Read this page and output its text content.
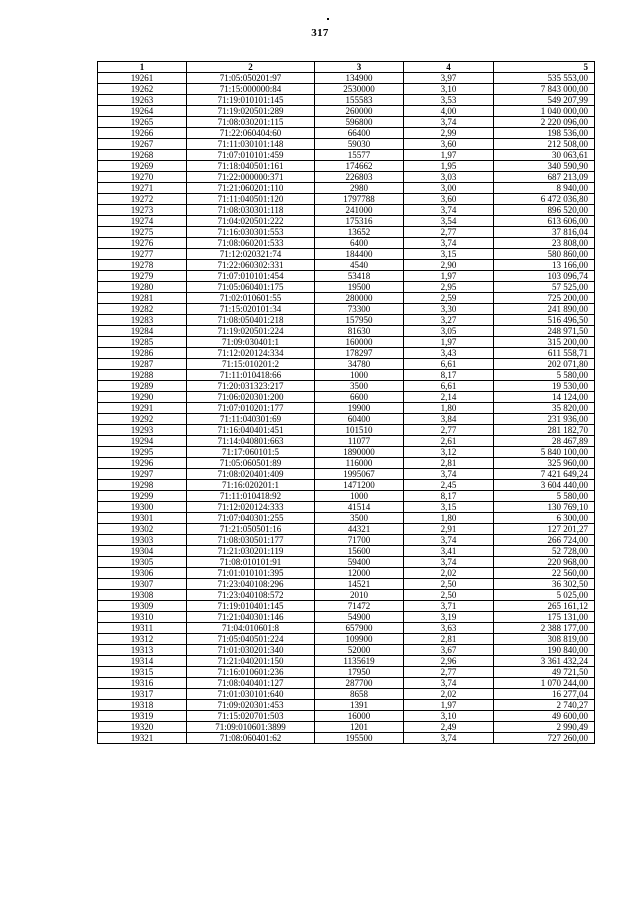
317
1	2	3	4	5
19261	71:05:050201:97	134900	3,97	535 553,00
19262	71:15:000000:84	2530000	3,10	7 843 000,00
19263	71:19:010101:145	155583	3,53	549 207,99
19264	71:19:020501:289	260000	4,00	1 040 000,00
19265	71:08:030201:115	596800	3,74	2 220 096,00
19266	71:22:060404:60	66400	2,99	198 536,00
19267	71:11:030101:148	59030	3,60	212 508,00
19268	71:07:010101:459	15577	1,97	30 063,61
19269	71:18:040501:161	174662	1,95	340 590,90
19270	71:22:000000:371	226803	3,03	687 213,09
19271	71:21:060201:110	2980	3,00	8 940,00
19272	71:11:040501:120	1797788	3,60	6 472 036,80
19273	71:08:030301:118	241000	3,74	896 520,00
19274	71:04:020501:222	175316	3,54	613 606,00
19275	71:16:030301:553	13652	2,77	37 816,04
19276	71:08:060201:533	6400	3,74	23 808,00
19277	71:12:020321:74	184400	3,15	580 860,00
19278	71:22:060302:331	4540	2,90	13 166,00
19279	71:07:010101:454	53418	1,97	103 096,74
19280	71:05:060401:175	19500	2,95	57 525,00
19281	71:02:010601:55	280000	2,59	725 200,00
19282	71:15:020101:34	73300	3,30	241 890,00
19283	71:08:050401:218	157950	3,27	516 496,50
19284	71:19:020501:224	81630	3,05	248 971,50
19285	71:09:030401:1	160000	1,97	315 200,00
19286	71:12:020124:334	178297	3,43	611 558,71
19287	71:15:010201:2	34780	6,61	202 071,80
19288	71:11:010418:66	1000	8,17	5 580,00
19289	71:20:031323:217	3500	6,61	19 530,00
19290	71:06:020301:200	6600	2,14	14 124,00
19291	71:07:010201:177	19900	1,80	35 820,00
19292	71:11:040301:69	60400	3,84	231 936,00
19293	71:16:040401:451	101510	2,77	281 182,70
19294	71:14:040801:663	11077	2,61	28 467,89
19295	71:17:060101:5	1890000	3,12	5 840 100,00
19296	71:05:060501:89	116000	2,81	325 960,00
19297	71:08:020401:409	1995067	3,74	7 421 649,24
19298	71:16:020201:1	1471200	2,45	3 604 440,00
19299	71:11:010418:92	1000	8,17	5 580,00
19300	71:12:020124:333	41514	3,15	130 769,10
19301	71:07:040301:255	3500	1,80	6 300,00
19302	71:21:050501:16	44321	2,91	127 201,27
19303	71:08:030501:177	71700	3,74	266 724,00
19304	71:21:030201:119	15600	3,41	52 728,00
19305	71:08:010101:91	59400	3,74	220 968,00
19306	71:01:010101:395	12000	2,02	22 560,00
19307	71:23:040108:296	14521	2,50	36 302,50
19308	71:23:040108:572	2010	2,50	5 025,00
19309	71:19:010401:145	71472	3,71	265 161,12
19310	71:21:040301:146	54900	3,19	175 131,00
19311	71:04:010601:8	657900	3,63	2 388 177,00
19312	71:05:040501:224	109900	2,81	308 819,00
19313	71:01:030201:340	52000	3,67	190 840,00
19314	71:21:040201:150	1135619	2,96	3 361 432,24
19315	71:16:010601:236	17950	2,77	49 721,50
19316	71:08:040401:127	287700	3,74	1 070 244,00
19317	71:01:030101:640	8658	2,02	16 277,04
19318	71:09:020301:453	1391	1,97	2 740,27
19319	71:15:020701:503	16000	3,10	49 600,00
19320	71:09:010601:3899	1201	2,49	2 990,49
19321	71:08:060401:62	195500	3,74	727 260,00
